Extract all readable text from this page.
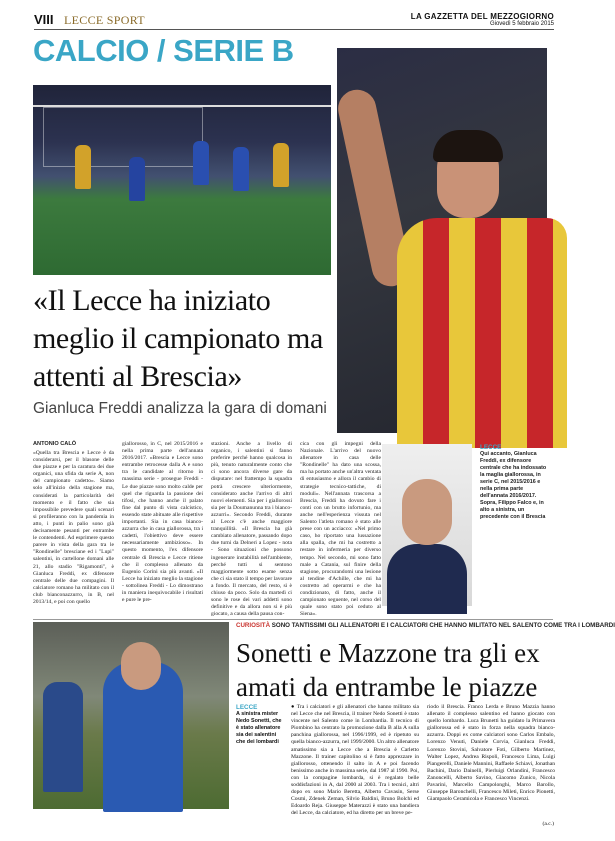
VIII LECCE SPORT	LA GAZZETTA DEL MEZZOGIORNO
Giovedì 5 febbraio 2015
CALCIO / SERIE B
«Il Lecce ha iniziato meglio il campionato ma attenti al Brescia»
Gianluca Freddi analizza la gara di domani
ANTONIO CALÒ
«Quella tra Brescia e Lecce è da considerarsi, per il blasone delle due piazze e per la caratura dei due organici, una sfida da serie A, non del campionato cadetto». Siamo solo all'inizio della stagione ma, considerati la particolarità del momento e il fatto che sia impossibile prevedere quali scenari si profileranno con la pandemia in atto, i punti in palio sono già decisamente pesanti per entrambe le contendenti. Ad esprimere questo parere in vista della gara tra le "Rondinelle" bresciane ed i "Lupi" salentini, in cartellone domani alle 21, allo stadio "Rigamonti", è Gianluca Freddi, ex difensore centrale delle due compagini. Il calciatore romano ha militato con il club bianconazzurro, in B, nel 2013/14, e poi con quello
giallorosso, in C, nel 2015/2016 e nella prima parte dell'annata 2016/2017. «Brescia e Lecce sono entrambe retrocesse dalla A e sono tra le candidate al ritorno in massima serie - prosegue Freddi - Le due piazze sono molto calde per quel che riguarda la passione dei tifosi, che hanno anche il palato fine dal punto di vista calcistico, essendo state abituate alle rispettive importanti. Sia in casa bianco-azzurra che in casa giallorossa, tra i cadetti, l'obiettivo deve essere necessariamente ambizioso». In questo momento, l'ex difensore centrale di Brescia e Lecce ritiene che il complesso allenato da Eugenio Corini sia più avanti. «Il Lecce ha iniziato meglio la stagione - sottolinea Freddi - Lo dimostrano in maniera inequivocabile i risultati e pure le pre-
stazioni. Anche a livello di organico, i salentini si fanno preferire perché hanno qualcosa in più, tenuto naturalmente conto che ci sono ancora diverse gare da disputare: nel frattempo la squadra potrà crescere ulteriormente, considerato anche l'arrivo di altri nuovi elementi. Sia per i giallorossi sia per la Doumanunna tra i bianco-azzurri». Secondo Freddi, durante al Lecce c'è anche maggiore tranquillità. «Il Brescia ha già cambiato allenatore, passando dopo due turni da Delneri a Lopez - nota - Sono situazioni che possono ingenerare instabilità nell'ambiente, perché tutti si sentono maggiormente sotto esame senza che ci sia stato il tempo per lavorare a fondo. Il mercato, del resto, sì è chiuso da poco. Solo da martedì ci sono le rose dei vari addetti sono definitive e da allora non si è più giocato, a causa della pausa con-
cica con gli impegni della Nazionale. L'arrivo del nuovo allenatore in casa delle "Rondinelle" ha dato una scossa, ma ha portato anche un'altra ventata di entusiasmo e allora il cambio di strategie tecnico-tattiche, di moduli». Nell'annata trascorsa a Brescia, Freddi ha dovuto fare i conti con un brutto infortunio, ma anche nell'esperienza vissuta nel Salento l'atleta romano è stato alle prese con un acciacco: «Nel primo caso, ho riportato una lussazione alla spalla, che mi ha costretto a restare in infermeria per diverso tempo. Nel secondo, mi sono fatto male a Catania, sul finire della stagione, procurandomi una lesione al tendine d'Achille, che mi ha costretto ad operarmi e che ha condizionato, di fatto, anche il campionato seguente, nel corso del quale sono stato poi ceduto al Siena».
LECCE
Qui accanto, Gianluca Freddi, ex difensore centrale che ha indossato la maglia giallorossa, in serie C, nel 2015/2016 e nella prima parte dell'annata 2016/2017. Sopra, Filippo Falco e, in alto a sinistra, un precedente con il Brescia
CURIOSITÀ SONO TANTISSIMI GLI ALLENATORI E I CALCIATORI CHE HANNO MILITATO NEL SALENTO COME TRA I LOMBARDI
Sonetti e Mazzone tra gli ex amati da entrambe le piazze
LECCE
A sinistra mister Nedo Sonetti, che è stato allenatore sia dei salentini che dei lombardi
● Tra i calciatori e gli allenatori che hanno militato sia nel Lecce che nel Brescia, il trainer Nedo Sonetti è stato vincente nel Salento come in Lombardia. Il tecnico di Piombino ha centrato la promozione dalla B alla A sulla panchina giallorossa, nel 1996/1999, ed è ripetuto su quella bianco-azzurra, nel 1999/2000. Un altro allenatore amatissimo sia a Lecce che a Brescia è Carletto Mazzone. Il trainer capitolino si è fatto apprezzare in giallorosso, ottenendo il salto in A e poi facendo benissimo anche in massima serie, dal 1987 al 1990. Poi, con la compagine lombarda, si è regalato belle soddisfazioni in A, dal 2000 al 2003. Tra i tecnici, altri dopo ex sono Mario Beretta, Alberto Cavasin, Serse Cosmi, Zdenek Zeman, Silvio Baldini, Bruno Bolchi ed Edoardo Reja. Giuseppe Materazzi è stato una bandiera del Lecce, da calciatore, ed ha diretto per un breve pe-
riodo il Brescia. Franco Lerda e Bruno Mazzia hanno allenato il complesso salentino ed hanno giocato con quello lombardo. Luca Brunetti ha guidato la Primavera giallorossa ed è stato in forza nella squadra bianco-azzurra. Doppi ex come calciatori sono Carlos Embalo, Lorenzo Venuti, Daniele Corvia, Gianluca Freddi, Lorenzo Stovini, Salvatore Foti, Gilberto Martinez, Walter Lopez, Andrea Rispoli, Francesco Lima, Luigi Piangerelli, Daniele Mannini, Raffaele Schiavi, Jonathan Bachini, Dario Dainelli, Pierluigi Orlandini, Francesco Zanoncelli, Alberto Savino, Giacomo Zunico, Nicola Pavarini, Marcello Campolonghi, Marco Barollo, Giuseppe Baronchelli, Francesco Mileti, Enrico Pionetti, Giampaolo Ceramicola e Francesco Vincenzi.
(a.c.)
